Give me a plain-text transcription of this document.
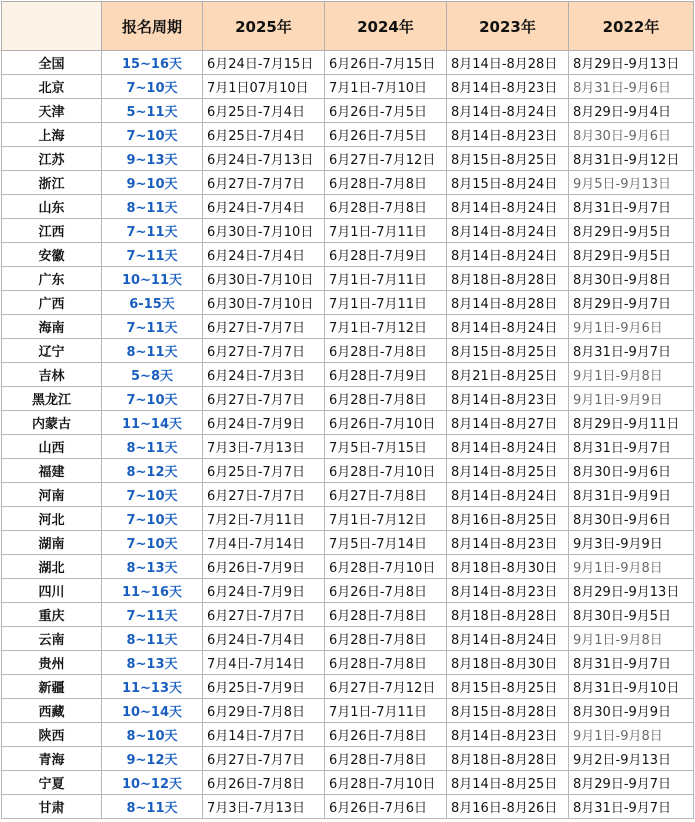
	报名周期	2025年	2024年	2023年	2022年
全国	15~16天	6月24日-7月15日	6月26日-7月15日	8月14日-8月28日	8月29日-9月13日
北京	7~10天	7月1日07月10日	7月1日-7月10日	8月14日-8月23日	8月31日-9月6日
天津	5~11天	6月25日-7月4日	6月26日-7月5日	8月14日-8月24日	8月29日-9月4日
上海	7~10天	6月25日-7月4日	6月26日-7月5日	8月14日-8月23日	8月30日-9月6日
江苏	9~13天	6月24日-7月13日	6月27日-7月12日	8月15日-8月25日	8月31日-9月12日
浙江	9~10天	6月27日-7月7日	6月28日-7月8日	8月15日-8月24日	9月5日-9月13日
山东	8~11天	6月24日-7月4日	6月28日-7月8日	8月14日-8月24日	8月31日-9月7日
江西	7~11天	6月30日-7月10日	7月1日-7月11日	8月14日-8月24日	8月29日-9月5日
安徽	7~11天	6月24日-7月4日	6月28日-7月9日	8月14日-8月24日	8月29日-9月5日
广东	10~11天	6月30日-7月10日	7月1日-7月11日	8月18日-8月28日	8月30日-9月8日
广西	6-15天	6月30日-7月10日	7月1日-7月11日	8月14日-8月28日	8月29日-9月7日
海南	7~11天	6月27日-7月7日	7月1日-7月12日	8月14日-8月24日	9月1日-9月6日
辽宁	8~11天	6月27日-7月7日	6月28日-7月8日	8月15日-8月25日	8月31日-9月7日
吉林	5~8天	6月24日-7月3日	6月28日-7月9日	8月21日-8月25日	9月1日-9月8日
黑龙江	7~10天	6月27日-7月7日	6月28日-7月8日	8月14日-8月23日	9月1日-9月9日
内蒙古	11~14天	6月24日-7月9日	6月26日-7月10日	8月14日-8月27日	8月29日-9月11日
山西	8~11天	7月3日-7月13日	7月5日-7月15日	8月14日-8月24日	8月31日-9月7日
福建	8~12天	6月25日-7月7日	6月28日-7月10日	8月14日-8月25日	8月30日-9月6日
河南	7~10天	6月27日-7月7日	6月27日-7月8日	8月14日-8月24日	8月31日-9月9日
河北	7~10天	7月2日-7月11日	7月1日-7月12日	8月16日-8月25日	8月30日-9月6日
湖南	7~10天	7月4日-7月14日	7月5日-7月14日	8月14日-8月23日	9月3日-9月9日
湖北	8~13天	6月26日-7月9日	6月28日-7月10日	8月18日-8月30日	9月1日-9月8日
四川	11~16天	6月24日-7月9日	6月26日-7月8日	8月14日-8月23日	8月29日-9月13日
重庆	7~11天	6月27日-7月7日	6月28日-7月8日	8月18日-8月28日	8月30日-9月5日
云南	8~11天	6月24日-7月4日	6月28日-7月8日	8月14日-8月24日	9月1日-9月8日
贵州	8~13天	7月4日-7月14日	6月28日-7月8日	8月18日-8月30日	8月31日-9月7日
新疆	11~13天	6月25日-7月9日	6月27日-7月12日	8月15日-8月25日	8月31日-9月10日
西藏	10~14天	6月29日-7月8日	7月1日-7月11日	8月15日-8月28日	8月30日-9月9日
陕西	8~10天	6月14日-7月7日	6月26日-7月8日	8月14日-8月23日	9月1日-9月8日
青海	9~12天	6月27日-7月7日	6月28日-7月8日	8月18日-8月28日	9月2日-9月13日
宁夏	10~12天	6月26日-7月8日	6月28日-7月10日	8月14日-8月25日	8月29日-9月7日
甘肃	8~11天	7月3日-7月13日	6月26日-7月6日	8月16日-8月26日	8月31日-9月7日
